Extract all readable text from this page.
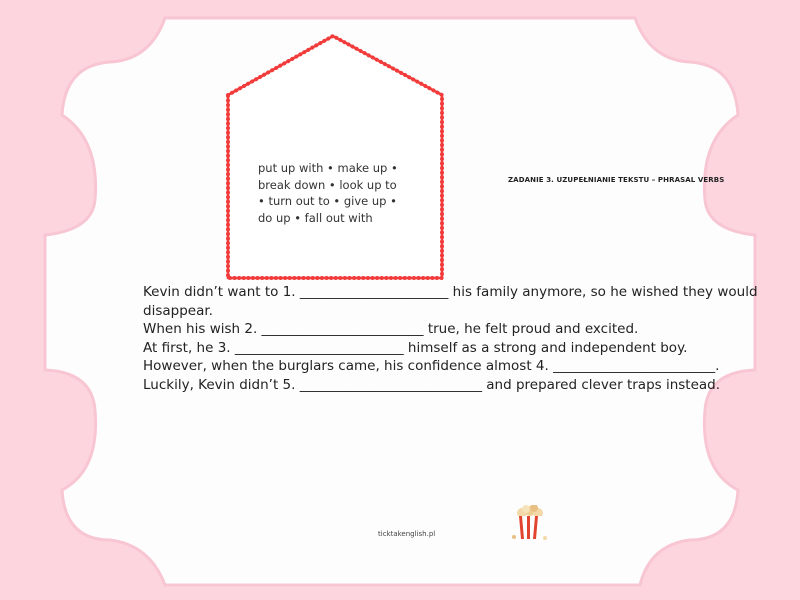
put up with • make up •
break down • look up to
• turn out to • give up •
do up • fall out with
ZADANIE 3. UZUPEŁNIANIE TEKSTU – PHRASAL VERBS
Kevin didn’t want to 1. ______________________ his family anymore, so he wished they would
disappear.
When his wish 2. ________________________ true, he felt proud and excited.
At first, he 3. _________________________ himself as a strong and independent boy.
However, when the burglars came, his confidence almost 4. ________________________.
Luckily, Kevin didn’t 5. ___________________________ and prepared clever traps instead.
ticktakenglish.pl
